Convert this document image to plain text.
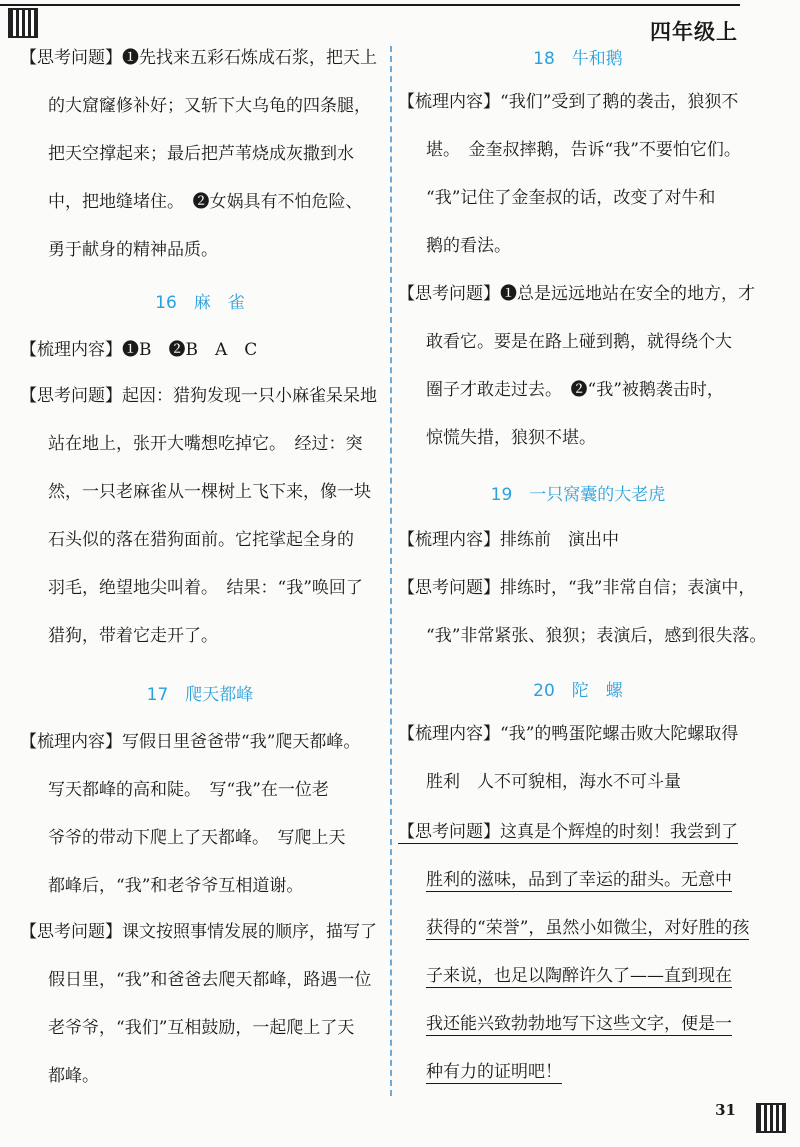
四年级上

【思考问题】❶先找来五彩石炼成石浆，把天上

的大窟窿修补好；又斩下大乌龟的四条腿，

把天空撑起来；最后把芦苇烧成灰撒到水

中，把地缝堵住。　❷女娲具有不怕危险、

勇于献身的精神品质。

16　麻　雀

【梳理内容】❶B　❷B　A　C

【思考问题】起因：猎狗发现一只小麻雀呆呆地

站在地上，张开大嘴想吃掉它。　经过：突

然，一只老麻雀从一棵树上飞下来，像一块

石头似的落在猎狗面前。它挓挲起全身的

羽毛，绝望地尖叫着。　结果：“我”唤回了

猎狗，带着它走开了。

17　爬天都峰

【梳理内容】写假日里爸爸带“我”爬天都峰。

写天都峰的高和陡。　写“我”在一位老

爷爷的带动下爬上了天都峰。　写爬上天

都峰后，“我”和老爷爷互相道谢。

【思考问题】课文按照事情发展的顺序，描写了

假日里，“我”和爸爸去爬天都峰，路遇一位

老爷爷，“我们”互相鼓励，一起爬上了天

都峰。

18　牛和鹅

【梳理内容】“我们”受到了鹅的袭击，狼狈不

堪。　金奎叔摔鹅，告诉“我”不要怕它们。

“我”记住了金奎叔的话，改变了对牛和

鹅的看法。

【思考问题】❶总是远远地站在安全的地方，才

敢看它。要是在路上碰到鹅，就得绕个大

圈子才敢走过去。　❷“我”被鹅袭击时，

惊慌失措，狼狈不堪。

19　一只窝囊的大老虎

【梳理内容】排练前　演出中

【思考问题】排练时，“我”非常自信；表演中，

“我”非常紧张、狼狈；表演后，感到很失落。

20　陀　螺

【梳理内容】“我”的鸭蛋陀螺击败大陀螺取得

胜利　人不可貌相，海水不可斗量

【思考问题】这真是个辉煌的时刻！我尝到了

胜利的滋味，品到了幸运的甜头。无意中

获得的“荣誉”，虽然小如微尘，对好胜的孩

子来说，也足以陶醉许久了——直到现在

我还能兴致勃勃地写下这些文字，便是一

种有力的证明吧！

31
